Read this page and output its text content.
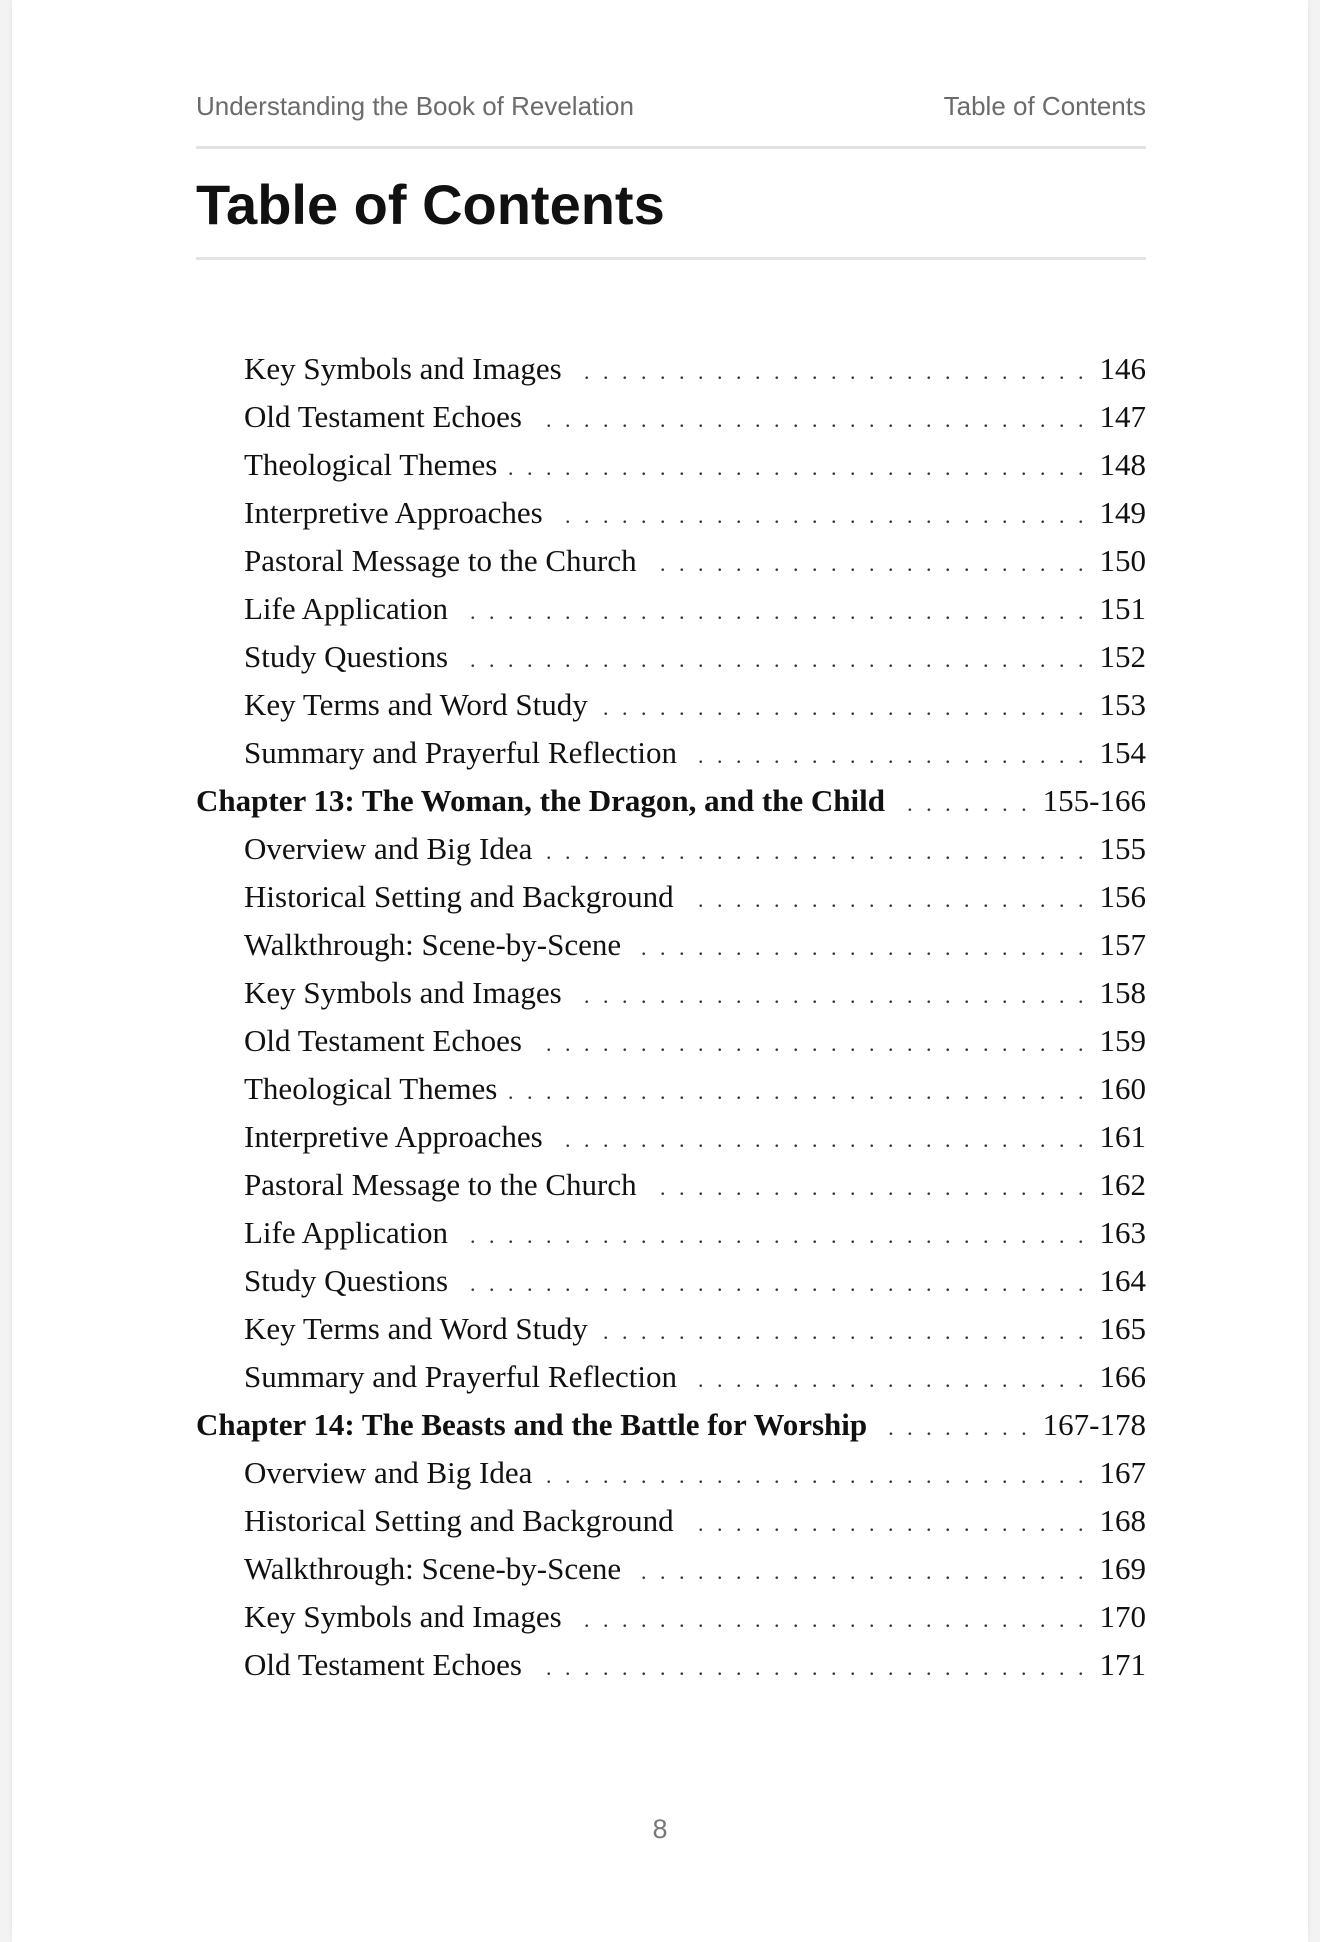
Understanding the Book of Revelation	Table of Contents
Table of Contents
Key Symbols and Images . . .	146
Old Testament Echoes . . .	147
Theological Themes . . .	148
Interpretive Approaches . . .	149
Pastoral Message to the Church . . .	150
Life Application . . .	151
Study Questions . . .	152
Key Terms and Word Study . . .	153
Summary and Prayerful Reflection . . .	154
Chapter 13: The Woman, the Dragon, and the Child . . .	155-166
Overview and Big Idea . . .	155
Historical Setting and Background . . .	156
Walkthrough: Scene-by-Scene . . .	157
Key Symbols and Images . . .	158
Old Testament Echoes . . .	159
Theological Themes . . .	160
Interpretive Approaches . . .	161
Pastoral Message to the Church . . .	162
Life Application . . .	163
Study Questions . . .	164
Key Terms and Word Study . . .	165
Summary and Prayerful Reflection . . .	166
Chapter 14: The Beasts and the Battle for Worship . . .	167-178
Overview and Big Idea . . .	167
Historical Setting and Background . . .	168
Walkthrough: Scene-by-Scene . . .	169
Key Symbols and Images . . .	170
Old Testament Echoes . . .	171
8
